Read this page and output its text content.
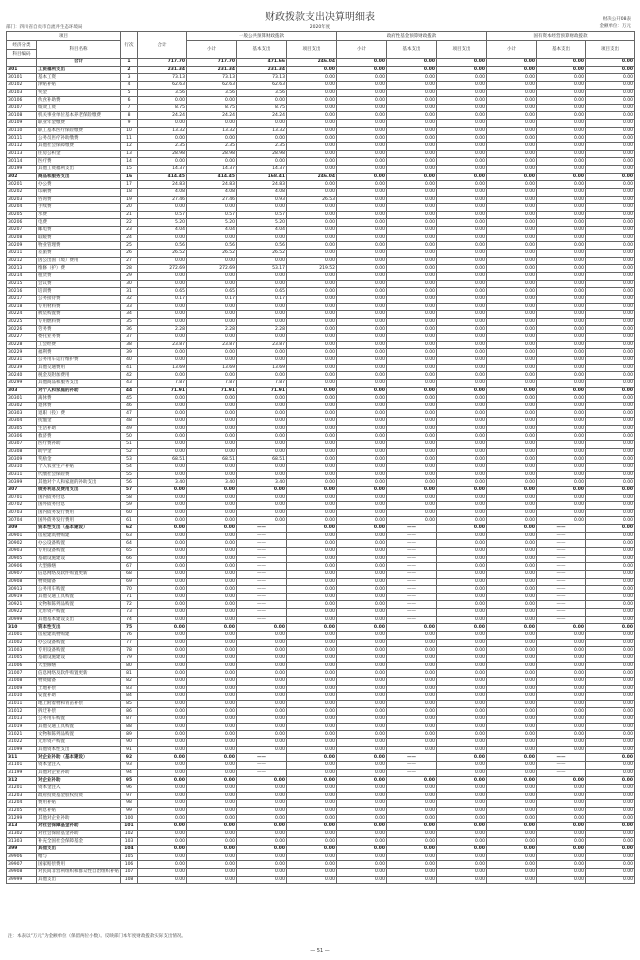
财政拨款支出决算明细表	财决公开08表
金额单位：万元
部门：四川省自贡市自流井生态环境局	2020年度
项目		行次	合计	一般公共预算财政拨款			政府性基金预算财政拨款			国有资本经营预算财政拨款		
经济分类	科目名称			小计	基本支出	项目支出	小计	基本支出	项目支出	小计	基本支出	项目支出
科目编码												
	合计	1	717.70	717.70	471.66	246.04	0.00	0.00	0.00	0.00	0.00	0.00
301	工资福利支出	2	231.34	231.34	231.34	0.00	0.00	0.00	0.00	0.00	0.00	0.00
30101	基本工资	3	73.13	73.13	73.13	0.00	0.00	0.00	0.00	0.00	0.00	0.00
30102	津贴补贴	4	62.63	62.63	62.63	0.00	0.00	0.00	0.00	0.00	0.00	0.00
30103	奖金	5	3.56	3.56	3.56	0.00	0.00	0.00	0.00	0.00	0.00	0.00
30106	伙食补助费	6	0.00	0.00	0.00	0.00	0.00	0.00	0.00	0.00	0.00	0.00
30107	绩效工资	7	8.75	8.75	8.75	0.00	0.00	0.00	0.00	0.00	0.00	0.00
30108	机关事业单位基本养老保险缴费	8	24.24	24.24	24.24	0.00	0.00	0.00	0.00	0.00	0.00	0.00
30109	职业年金缴费	9	0.00	0.00	0.00	0.00	0.00	0.00	0.00	0.00	0.00	0.00
30110	职工基本医疗保险缴费	10	13.32	13.32	13.32	0.00	0.00	0.00	0.00	0.00	0.00	0.00
30111	公务员医疗补助缴费	11	0.00	0.00	0.00	0.00	0.00	0.00	0.00	0.00	0.00	0.00
30112	其他社会保障缴费	12	2.35	2.35	2.35	0.00	0.00	0.00	0.00	0.00	0.00	0.00
30113	住房公积金	13	28.98	28.98	28.98	0.00	0.00	0.00	0.00	0.00	0.00	0.00
30114	医疗费	14	0.00	0.00	0.00	0.00	0.00	0.00	0.00	0.00	0.00	0.00
30199	其他工资福利支出	15	14.37	14.37	14.37	0.00	0.00	0.00	0.00	0.00	0.00	0.00
302	商品和服务支出	16	414.45	414.45	168.41	246.04	0.00	0.00	0.00	0.00	0.00	0.00
30201	办公费	17	24.83	24.83	24.83	0.00	0.00	0.00	0.00	0.00	0.00	0.00
30202	印刷费	18	4.08	4.08	4.08	0.00	0.00	0.00	0.00	0.00	0.00	0.00
30203	咨询费	19	27.46	27.46	0.93	26.53	0.00	0.00	0.00	0.00	0.00	0.00
30204	手续费	20	0.00	0.00	0.00	0.00	0.00	0.00	0.00	0.00	0.00	0.00
30205	水费	21	0.57	0.57	0.57	0.00	0.00	0.00	0.00	0.00	0.00	0.00
30206	电费	22	5.20	5.20	5.20	0.00	0.00	0.00	0.00	0.00	0.00	0.00
30207	邮电费	23	4.04	4.04	4.04	0.00	0.00	0.00	0.00	0.00	0.00	0.00
30208	取暖费	24	0.00	0.00	0.00	0.00	0.00	0.00	0.00	0.00	0.00	0.00
30209	物业管理费	25	0.56	0.56	0.56	0.00	0.00	0.00	0.00	0.00	0.00	0.00
30211	差旅费	26	26.52	26.52	26.52	0.00	0.00	0.00	0.00	0.00	0.00	0.00
30212	因公出国（境）费用	27	0.00	0.00	0.00	0.00	0.00	0.00	0.00	0.00	0.00	0.00
30213	维修（护）费	28	272.69	272.69	53.17	219.52	0.00	0.00	0.00	0.00	0.00	0.00
30214	租赁费	29	0.00	0.00	0.00	0.00	0.00	0.00	0.00	0.00	0.00	0.00
30215	会议费	30	0.00	0.00	0.00	0.00	0.00	0.00	0.00	0.00	0.00	0.00
30216	培训费	31	0.65	0.65	0.65	0.00	0.00	0.00	0.00	0.00	0.00	0.00
30217	公务接待费	32	0.17	0.17	0.17	0.00	0.00	0.00	0.00	0.00	0.00	0.00
30218	专用材料费	33	0.00	0.00	0.00	0.00	0.00	0.00	0.00	0.00	0.00	0.00
30224	被装购置费	34	0.00	0.00	0.00	0.00	0.00	0.00	0.00	0.00	0.00	0.00
30225	专用燃料费	35	0.00	0.00	0.00	0.00	0.00	0.00	0.00	0.00	0.00	0.00
30226	劳务费	36	2.28	2.28	2.28	0.00	0.00	0.00	0.00	0.00	0.00	0.00
30227	委托业务费	37	0.00	0.00	0.00	0.00	0.00	0.00	0.00	0.00	0.00	0.00
30228	工会经费	38	23.87	23.87	23.87	0.00	0.00	0.00	0.00	0.00	0.00	0.00
30229	福利费	39	0.00	0.00	0.00	0.00	0.00	0.00	0.00	0.00	0.00	0.00
30231	公务用车运行维护费	40	0.00	0.00	0.00	0.00	0.00	0.00	0.00	0.00	0.00	0.00
30239	其他交通费用	41	13.69	13.69	13.69	0.00	0.00	0.00	0.00	0.00	0.00	0.00
30240	税金及附加费用	42	0.00	0.00	0.00	0.00	0.00	0.00	0.00	0.00	0.00	0.00
30299	其他商品和服务支出	43	7.87	7.87	7.87	0.00	0.00	0.00	0.00	0.00	0.00	0.00
303	对个人和家庭的补助	44	71.91	71.91	71.91	0.00	0.00	0.00	0.00	0.00	0.00	0.00
30301	离休费	45	0.00	0.00	0.00	0.00	0.00	0.00	0.00	0.00	0.00	0.00
30302	退休费	46	0.00	0.00	0.00	0.00	0.00	0.00	0.00	0.00	0.00	0.00
30303	退职（役）费	47	0.00	0.00	0.00	0.00	0.00	0.00	0.00	0.00	0.00	0.00
30304	抚恤金	48	0.00	0.00	0.00	0.00	0.00	0.00	0.00	0.00	0.00	0.00
30305	生活补助	49	0.00	0.00	0.00	0.00	0.00	0.00	0.00	0.00	0.00	0.00
30306	救济费	50	0.00	0.00	0.00	0.00	0.00	0.00	0.00	0.00	0.00	0.00
30307	医疗费补助	51	0.00	0.00	0.00	0.00	0.00	0.00	0.00	0.00	0.00	0.00
30308	助学金	52	0.00	0.00	0.00	0.00	0.00	0.00	0.00	0.00	0.00	0.00
30309	奖励金	53	68.51	68.51	68.51	0.00	0.00	0.00	0.00	0.00	0.00	0.00
30310	个人农业生产补贴	54	0.00	0.00	0.00	0.00	0.00	0.00	0.00	0.00	0.00	0.00
30311	代缴社会保险费	55	0.00	0.00	0.00	0.00	0.00	0.00	0.00	0.00	0.00	0.00
30399	其他对个人和家庭的补助支出	56	3.40	3.40	3.40	0.00	0.00	0.00	0.00	0.00	0.00	0.00
307	债务利息及费用支出	57	0.00	0.00	0.00	0.00	0.00	0.00	0.00	0.00	0.00	0.00
30701	国内债务付息	58	0.00	0.00	0.00	0.00	0.00	0.00	0.00	0.00	0.00	0.00
30702	国外债务付息	59	0.00	0.00	0.00	0.00	0.00	0.00	0.00	0.00	0.00	0.00
30703	国内债务发行费用	60	0.00	0.00	0.00	0.00	0.00	0.00	0.00	0.00	0.00	0.00
30704	国外债务发行费用	61	0.00	0.00	0.00	0.00	0.00	0.00	0.00	0.00	0.00	0.00
309	资本性支出（基本建设）	62	0.00	0.00	——	0.00	0.00	——	0.00	0.00	——	0.00
30901	房屋建筑物购建	63	0.00	0.00	——	0.00	0.00	——	0.00	0.00	——	0.00
30902	办公设备购置	64	0.00	0.00	——	0.00	0.00	——	0.00	0.00	——	0.00
30903	专用设备购置	65	0.00	0.00	——	0.00	0.00	——	0.00	0.00	——	0.00
30905	基础设施建设	66	0.00	0.00	——	0.00	0.00	——	0.00	0.00	——	0.00
30906	大型修缮	67	0.00	0.00	——	0.00	0.00	——	0.00	0.00	——	0.00
30907	信息网络及软件购置更新	68	0.00	0.00	——	0.00	0.00	——	0.00	0.00	——	0.00
30908	物资储备	69	0.00	0.00	——	0.00	0.00	——	0.00	0.00	——	0.00
30913	公务用车购置	70	0.00	0.00	——	0.00	0.00	——	0.00	0.00	——	0.00
30919	其他交通工具购置	71	0.00	0.00	——	0.00	0.00	——	0.00	0.00	——	0.00
30921	文物和陈列品购置	72	0.00	0.00	——	0.00	0.00	——	0.00	0.00	——	0.00
30922	无形资产购置	73	0.00	0.00	——	0.00	0.00	——	0.00	0.00	——	0.00
30999	其他基本建设支出	74	0.00	0.00	——	0.00	0.00	——	0.00	0.00	——	0.00
310	资本性支出	75	0.00	0.00	0.00	0.00	0.00	0.00	0.00	0.00	0.00	0.00
31001	房屋建筑物购建	76	0.00	0.00	0.00	0.00	0.00	0.00	0.00	0.00	0.00	0.00
31002	办公设备购置	77	0.00	0.00	0.00	0.00	0.00	0.00	0.00	0.00	0.00	0.00
31003	专用设备购置	78	0.00	0.00	0.00	0.00	0.00	0.00	0.00	0.00	0.00	0.00
31005	基础设施建设	79	0.00	0.00	0.00	0.00	0.00	0.00	0.00	0.00	0.00	0.00
31006	大型修缮	80	0.00	0.00	0.00	0.00	0.00	0.00	0.00	0.00	0.00	0.00
31007	信息网络及软件购置更新	81	0.00	0.00	0.00	0.00	0.00	0.00	0.00	0.00	0.00	0.00
31008	物资储备	82	0.00	0.00	0.00	0.00	0.00	0.00	0.00	0.00	0.00	0.00
31009	土地补偿	83	0.00	0.00	0.00	0.00	0.00	0.00	0.00	0.00	0.00	0.00
31010	安置补助	84	0.00	0.00	0.00	0.00	0.00	0.00	0.00	0.00	0.00	0.00
31011	地上附着物和青苗补偿	85	0.00	0.00	0.00	0.00	0.00	0.00	0.00	0.00	0.00	0.00
31012	拆迁补偿	86	0.00	0.00	0.00	0.00	0.00	0.00	0.00	0.00	0.00	0.00
31013	公务用车购置	87	0.00	0.00	0.00	0.00	0.00	0.00	0.00	0.00	0.00	0.00
31019	其他交通工具购置	88	0.00	0.00	0.00	0.00	0.00	0.00	0.00	0.00	0.00	0.00
31021	文物和陈列品购置	89	0.00	0.00	0.00	0.00	0.00	0.00	0.00	0.00	0.00	0.00
31022	无形资产购置	90	0.00	0.00	0.00	0.00	0.00	0.00	0.00	0.00	0.00	0.00
31099	其他资本性支出	91	0.00	0.00	0.00	0.00	0.00	0.00	0.00	0.00	0.00	0.00
311	对企业补助（基本建设）	92	0.00	0.00	——	0.00	0.00	——	0.00	0.00	——	0.00
31101	资本金注入	93	0.00	0.00	——	0.00	0.00	——	0.00	0.00	——	0.00
31199	其他对企业补助	94	0.00	0.00	——	0.00	0.00	——	0.00	0.00	——	0.00
312	对企业补助	95	0.00	0.00	0.00	0.00	0.00	0.00	0.00	0.00	0.00	0.00
31201	资本金注入	96	0.00	0.00	0.00	0.00	0.00	0.00	0.00	0.00	0.00	0.00
31203	政府投资基金股权投资	97	0.00	0.00	0.00	0.00	0.00	0.00	0.00	0.00	0.00	0.00
31204	费用补贴	98	0.00	0.00	0.00	0.00	0.00	0.00	0.00	0.00	0.00	0.00
31205	利息补贴	99	0.00	0.00	0.00	0.00	0.00	0.00	0.00	0.00	0.00	0.00
31299	其他对企业补助	100	0.00	0.00	0.00	0.00	0.00	0.00	0.00	0.00	0.00	0.00
313	对社会保障基金补助	101	0.00	0.00	0.00	0.00	0.00	0.00	0.00	0.00	0.00	0.00
31302	对社会保险基金补助	102	0.00	0.00	0.00	0.00	0.00	0.00	0.00	0.00	0.00	0.00
31303	补充全国社会保障基金	103	0.00	0.00	0.00	0.00	0.00	0.00	0.00	0.00	0.00	0.00
399	其他支出	104	0.00	0.00	0.00	0.00	0.00	0.00	0.00	0.00	0.00	0.00
39906	赠与	105	0.00	0.00	0.00	0.00	0.00	0.00	0.00	0.00	0.00	0.00
39907	国家赔偿费用	106	0.00	0.00	0.00	0.00	0.00	0.00	0.00	0.00	0.00	0.00
39908	对民间非营利组织和群众性自治组织补贴	107	0.00	0.00	0.00	0.00	0.00	0.00	0.00	0.00	0.00	0.00
39999	其他支出	108	0.00	0.00	0.00	0.00	0.00	0.00	0.00	0.00	0.00	0.00
注：本表以“万元”为金额单位（保留两位小数）。反映部门本年度财政拨款实际支出情况。
— 51 —
